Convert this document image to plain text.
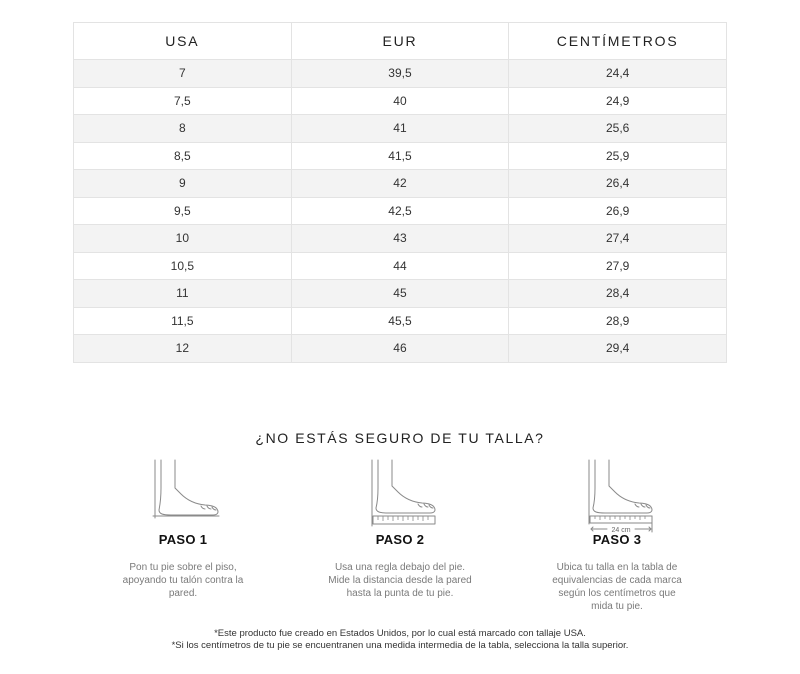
USA	EUR	CENTÍMETROS
7	39,5	24,4
7,5	40	24,9
8	41	25,6
8,5	41,5	25,9
9	42	26,4
9,5	42,5	26,9
10	43	27,4
10,5	44	27,9
11	45	28,4
11,5	45,5	28,9
12	46	29,4
¿NO ESTÁS SEGURO DE TU TALLA?
PASO 1

Pon tu pie sobre el piso, apoyando tu talón contra la pared.

PASO 2

Usa una regla debajo del pie. Mide la distancia desde la pared hasta la punta de tu pie.

24 cm
PASO 3

Ubica tu talla en la tabla de equivalencias de cada marca según los centímetros que mida tu pie.

*Este producto fue creado en Estados Unidos, por lo cual está marcado con tallaje USA.

*Si los centímetros de tu pie se encuentranen una medida intermedia de la tabla, selecciona la talla superior.
